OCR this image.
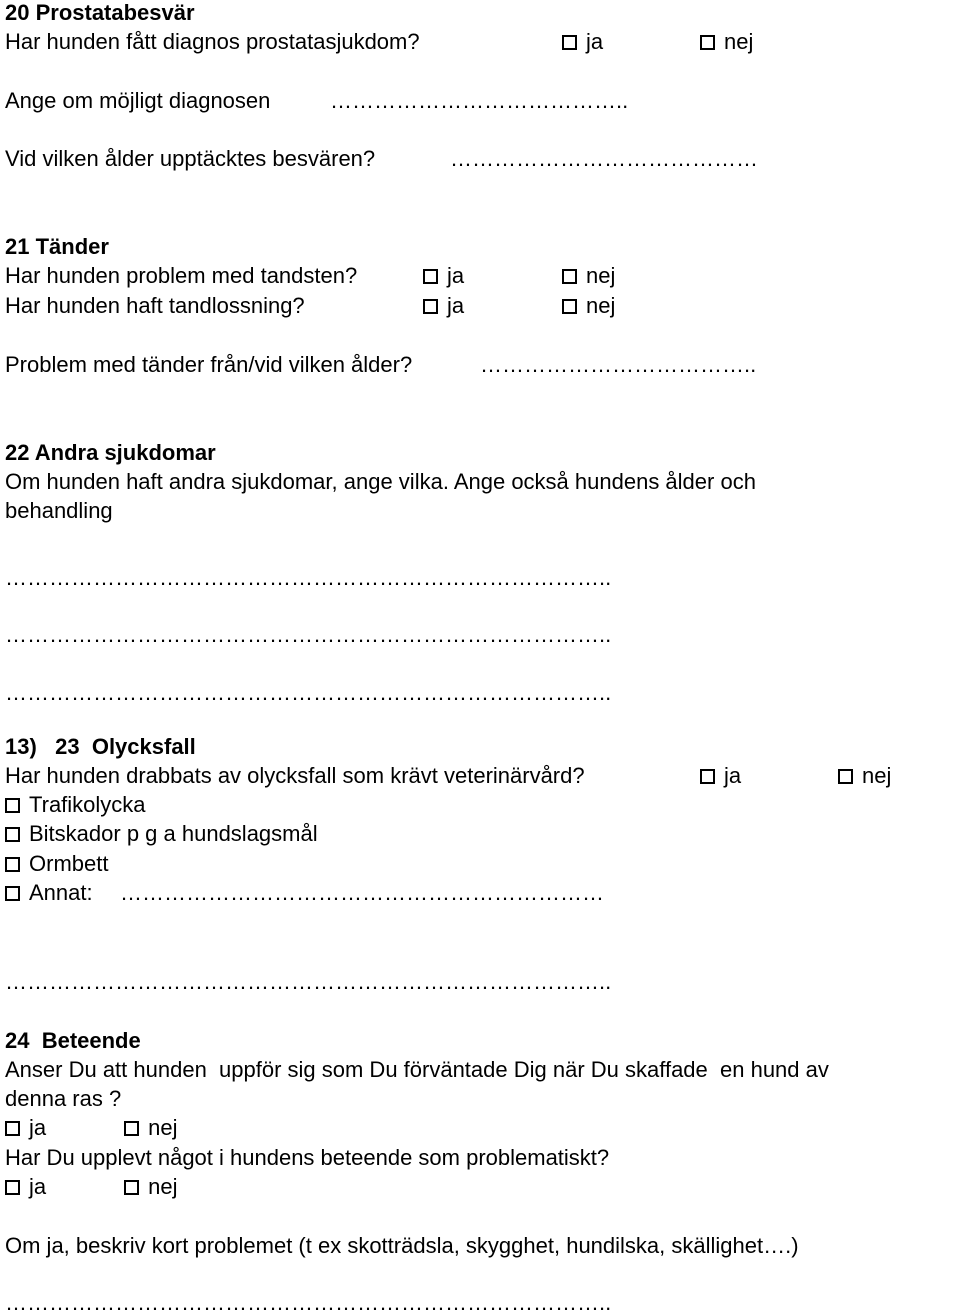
20 Prostatabesvär
Har hunden fått diagnos prostatasjukdom?	ja	nej
Ange om möjligt diagnosen	…………………………………..
Vid vilken ålder upptäcktes besvären?	……………………………………
21 Tänder
Har hunden problem med tandsten?	ja	nej
Har hunden haft tandlossning?	ja	nej
Problem med tänder från/vid vilken ålder?	………………………………..
22 Andra sjukdomar
Om hunden haft andra sjukdomar, ange vilka. Ange också hundens ålder och
behandling
………………………………………………………………………..
………………………………………………………………………..
………………………………………………………………………..
13)   23  Olycksfall
Har hunden drabbats av olycksfall som krävt veterinärvård?	ja	nej
Trafikolycka
Bitskador p g a hundslagsmål
Ormbett
Annat: …………………………………………………………
………………………………………………………………………..
24  Beteende
Anser Du att hunden  uppför sig som Du förväntade Dig när Du skaffade  en hund av
denna ras ?
ja	nej
Har Du upplevt något i hundens beteende som problematiskt?
ja	nej
Om ja, beskriv kort problemet (t ex skotträdsla, skygghet, hundilska, skällighet….)
………………………………………………………………………..
